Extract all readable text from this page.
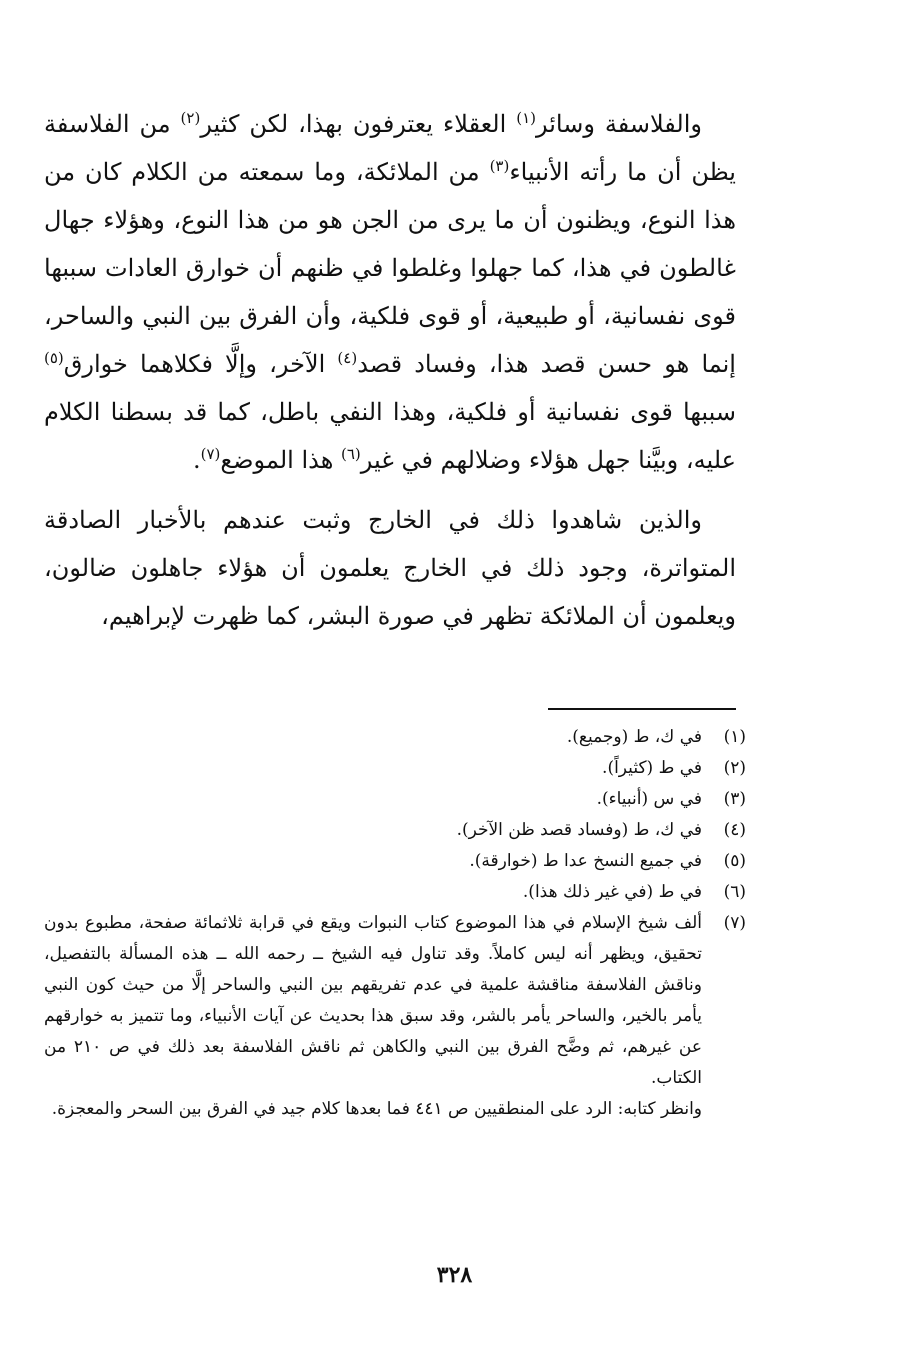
والفلاسفة وسائر$^{(١)}$ العقلاء يعترفون بهذا، لكن كثير$^{(٢)}$ من الفلاسفة يظن أن ما رأته الأنبياء$^{(٣)}$ من الملائكة، وما سمعته من الكلام كان من هذا النوع، ويظنون أن ما يرى من الجن هو من هذا النوع، وهؤلاء جهال غالطون في هذا، كما جهلوا وغلطوا في ظنهم أن خوارق العادات سببها قوى نفسانية، أو طبيعية، أو قوى فلكية، وأن الفرق بين النبي والساحر، إنما هو حسن قصد هذا، وفساد قصد$^{(٤)}$ الآخر، وإلَّا فكلاهما خوارق$^{(٥)}$ سببها قوى نفسانية أو فلكية، وهذا النفي باطل، كما قد بسطنا الكلام عليه، وبيَّنا جهل هؤلاء وضلالهم في غير$^{(٦)}$ هذا الموضع$^{(٧)}$.

والذين شاهدوا ذلك في الخارج وثبت عندهم بالأخبار الصادقة المتواترة، وجود ذلك في الخارج يعلمون أن هؤلاء جاهلون ضالون، ويعلمون أن الملائكة تظهر في صورة البشر، كما ظهرت لإبراهيم،

(١)
في ك، ط (وجميع).
(٢)
في ط (كثيراً).
(٣)
في س (أنبياء).
(٤)
في ك، ط (وفساد قصد ظن الآخر).
(٥)
في جميع النسخ عدا ط (خوارقة).
(٦)
في ط (في غير ذلك هذا).
(٧)
ألف شيخ الإسلام في هذا الموضوع كتاب النبوات ويقع في قرابة ثلاثمائة صفحة، مطبوع بدون تحقيق، ويظهر أنه ليس كاملاً. وقد تناول فيه الشيخ ــ رحمه الله ــ هذه المسألة بالتفصيل، وناقش الفلاسفة مناقشة علمية في عدم تفريقهم بين النبي والساحر إلَّا من حيث كون النبي يأمر بالخير، والساحر يأمر بالشر، وقد سبق هذا بحديث عن آيات الأنبياء، وما تتميز به خوارقهم عن غيرهم، ثم وضَّح الفرق بين النبي والكاهن ثم ناقش الفلاسفة بعد ذلك في ص ٢١٠ من الكتاب.
وانظر كتابه: الرد على المنطقيين ص ٤٤١ فما بعدها كلام جيد في الفرق بين السحر والمعجزة.
٣٢٨
